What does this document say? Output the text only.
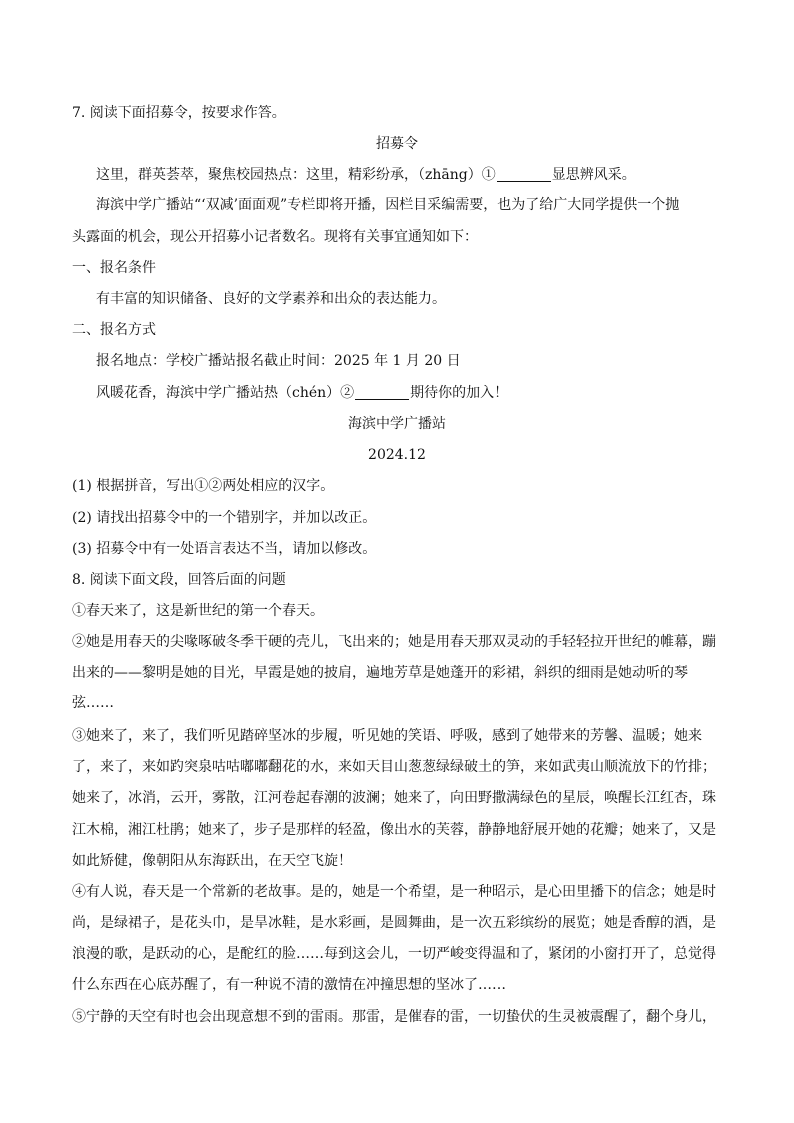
7. 阅读下面招募令，按要求作答。
招募令
这里，群英荟萃，聚焦校园热点：这里，精彩纷承，（zhāng）①	显思辨风采。
海滨中学广播站“‘双减’面面观”专栏即将开播，因栏目采编需要，也为了给广大同学提供一个抛
头露面的机会，现公开招募小记者数名。现将有关事宜通知如下：
一、报名条件
有丰富的知识储备、良好的文学素养和出众的表达能力。
二、报名方式
报名地点：学校广播站报名截止时间：2025 年 1 月 20 日
风暖花香，海滨中学广播站热（chén）②	期待你的加入！
海滨中学广播站
2024.12
(1) 根据拼音，写出①②两处相应的汉字。
(2) 请找出招募令中的一个错别字，并加以改正。
(3) 招募令中有一处语言表达不当，请加以修改。
8. 阅读下面文段，回答后面的问题
①春天来了，这是新世纪的第一个春天。
②她是用春天的尖喙啄破冬季干硬的壳儿，飞出来的；她是用春天那双灵动的手轻轻拉开世纪的帷幕，蹦
出来的——黎明是她的目光，早霞是她的披肩，遍地芳草是她蓬开的彩裙，斜织的细雨是她动听的琴
弦……
③她来了，来了，我们听见踏碎坚冰的步履，听见她的笑语、呼吸，感到了她带来的芳馨、温暖；她来
了，来了，来如趵突泉咕咕嘟嘟翻花的水，来如天目山葱葱绿绿破土的笋，来如武夷山顺流放下的竹排；
她来了，冰消，云开，雾散，江河卷起春潮的波澜；她来了，向田野撒满绿色的星辰，唤醒长江红杏，珠
江木棉，湘江杜鹃；她来了，步子是那样的轻盈，像出水的芙蓉，静静地舒展开她的花瓣；她来了，又是
如此矫健，像朝阳从东海跃出，在天空飞旋！
④有人说，春天是一个常新的老故事。是的，她是一个希望，是一种昭示，是心田里播下的信念；她是时
尚，是绿裙子，是花头巾，是旱冰鞋，是水彩画，是圆舞曲，是一次五彩缤纷的展览；她是香醇的酒，是
浪漫的歌，是跃动的心，是酡红的脸……每到这会儿，一切严峻变得温和了，紧闭的小窗打开了，总觉得
什么东西在心底苏醒了，有一种说不清的激情在冲撞思想的坚冰了……
⑤宁静的天空有时也会出现意想不到的雷雨。那雷，是催春的雷，一切蛰伏的生灵被震醒了，翻个身儿，
